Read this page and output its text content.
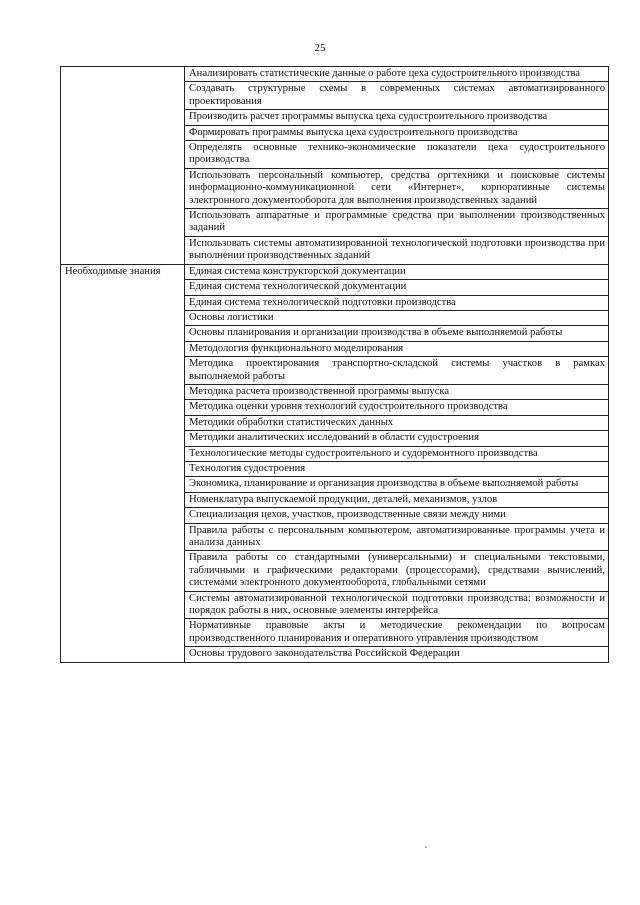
25
	Анализировать статистические данные о работе цеха судостроительного производства
	Создавать структурные схемы в современных системах автоматизированного проектирования
	Производить расчет программы выпуска цеха судостроительного производства
	Формировать программы выпуска цеха судостроительного производства
	Определять основные технико-экономические показатели цеха судостроительного производства
	Использовать персональный компьютер, средства оргтехники и поисковые системы информационно-коммуникационной сети «Интернет», корпоративные системы электронного документооборота для выполнения производственных заданий
	Использовать аппаратные и программные средства при выполнении производственных заданий
	Использовать системы автоматизированной технологической подготовки производства при выполнении производственных заданий
Необходимые знания	Единая система конструкторской документации
	Единая система технологической документации
	Единая система технологической подготовки производства
	Основы логистики
	Основы планирования и организации производства в объеме выполняемой работы
	Методология функционального моделирования
	Методика проектирования транспортно-складской системы участков в рамках выполняемой работы
	Методика расчета производственной программы выпуска
	Методика оценки уровня технологий судостроительного производства
	Методики обработки статистических данных
	Методики аналитических исследований в области судостроения
	Технологические методы судостроительного и судоремонтного производства
	Технология судостроения
	Экономика, планирование и организация производства в объеме выполняемой работы
	Номенклатура выпускаемой продукции, деталей, механизмов, узлов
	Специализация цехов, участков, производственные связи между ними
	Правила работы с персональным компьютером, автоматизированные программы учета и анализа данных
	Правила работы со стандартными (универсальными) и специальными текстовыми, табличными и графическими редакторами (процессорами), средствами вычислений, системами электронного документооборота, глобальными сетями
	Системы автоматизированной технологической подготовки производства: возможности и порядок работы в них, основные элементы интерфейса
	Нормативные правовые акты и методические рекомендации по вопросам производственного планирования и оперативного управления производством
	Основы трудового законодательства Российской Федерации
